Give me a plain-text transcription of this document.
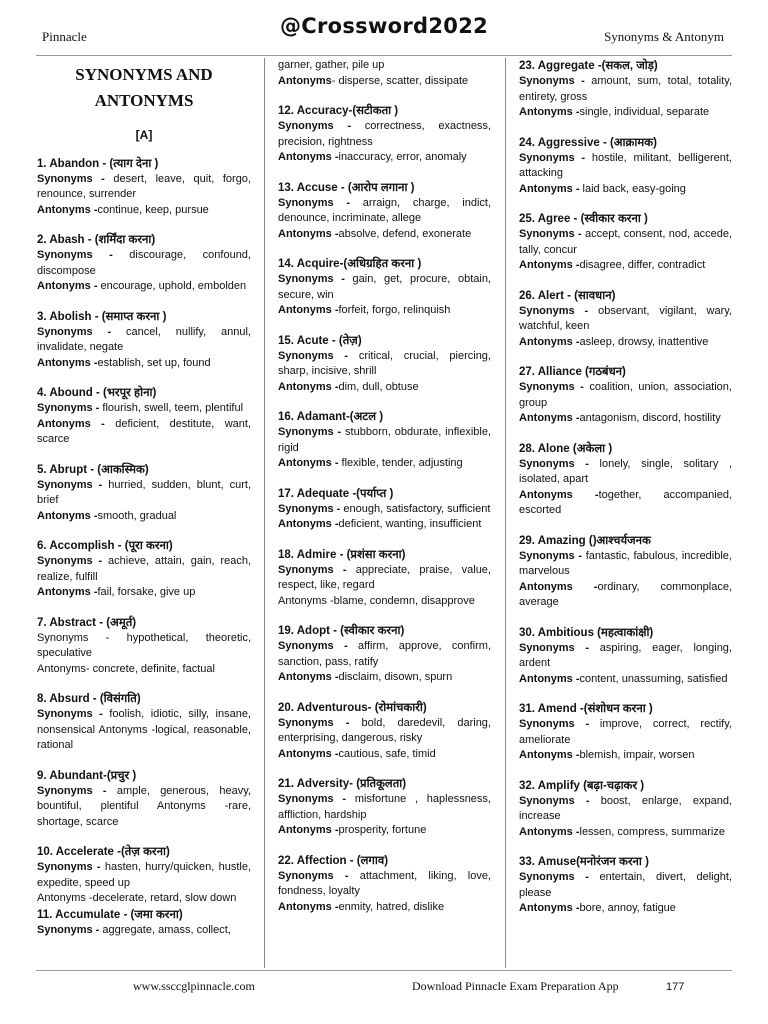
Pinnacle	@Crossword2022	Synonyms & Antonym
SYNONYMS AND
ANTONYMS
[A]
1. Abandon - (त्याग देना )
Synonyms - desert, leave, quit, forgo, renounce, surrender
Antonyms -continue, keep, pursue
2. Abash - (शर्मिंदा करना)
Synonyms - discourage, confound, discompose
Antonyms - encourage, uphold, embolden
3. Abolish - (समाप्त करना )
Synonyms - cancel, nullify, annul, invalidate, negate
Antonyms -establish, set up, found
4. Abound - (भरपूर होना)
Synonyms - flourish, swell, teem, plentiful
Antonyms - deficient, destitute, want, scarce
5. Abrupt - (आकस्मिक)
Synonyms - hurried, sudden, blunt, curt, brief
Antonyms -smooth, gradual
6. Accomplish - (पूरा करना)
Synonyms - achieve, attain, gain, reach, realize, fulfill
Antonyms -fail, forsake, give up
7. Abstract - (अमूर्त)
Synonyms - hypothetical, theoretic, speculative
Antonyms- concrete, definite, factual
8. Absurd - (विसंगति)
Synonyms - foolish, idiotic, silly, insane, nonsensical Antonyms -logical, reasonable, rational
9. Abundant-(प्रचुर )
Synonyms - ample, generous, heavy, bountiful, plentiful Antonyms -rare, shortage, scarce
10. Accelerate -(तेज़ करना)
Synonyms - hasten, hurry/quicken, hustle, expedite, speed up
Antonyms -decelerate, retard, slow down
11. Accumulate - (जमा करना)
Synonyms - aggregate, amass, collect,
garner, gather, pile up
Antonyms- disperse, scatter, dissipate
12. Accuracy-(सटीकता )
Synonyms - correctness, exactness, precision, rightness
Antonyms -inaccuracy, error, anomaly
13. Accuse - (आरोप लगाना )
Synonyms - arraign, charge, indict, denounce, incriminate, allege
Antonyms -absolve, defend, exonerate
14. Acquire-(अधिग्रहित करना )
Synonyms - gain, get, procure, obtain, secure, win
Antonyms -forfeit, forgo, relinquish
15. Acute - (तेज़)
Synonyms - critical, crucial, piercing, sharp, incisive, shrill
Antonyms -dim, dull, obtuse
16. Adamant-(अटल )
Synonyms - stubborn, obdurate, inflexible, rigid
Antonyms - flexible, tender, adjusting
17. Adequate -(पर्याप्त )
Synonyms - enough, satisfactory, sufficient
Antonyms -deficient, wanting, insufficient
18. Admire - (प्रशंसा करना)
Synonyms - appreciate, praise, value, respect, like, regard
Antonyms -blame, condemn, disapprove
19. Adopt - (स्वीकार करना)
Synonyms - affirm, approve, confirm, sanction, pass, ratify
Antonyms -disclaim, disown, spurn
20. Adventurous- (रोमांचकारी)
Synonyms - bold, daredevil, daring, enterprising, dangerous, risky
Antonyms -cautious, safe, timid
21. Adversity- (प्रतिकूलता)
Synonyms - misfortune , haplessness, affliction, hardship
Antonyms -prosperity, fortune
22. Affection - (लगाव)
Synonyms - attachment, liking, love, fondness, loyalty
Antonyms -enmity, hatred, dislike
23. Aggregate -(सकल, जोड़)
Synonyms - amount, sum, total, totality, entirety, gross
Antonyms -single, individual, separate
24. Aggressive - (आक्रामक)
Synonyms - hostile, militant, belligerent, attacking
Antonyms - laid back, easy-going
25. Agree - (स्वीकार करना )
Synonyms - accept, consent, nod, accede, tally, concur
Antonyms -disagree, differ, contradict
26. Alert - (सावधान)
Synonyms - observant, vigilant, wary, watchful, keen
Antonyms -asleep, drowsy, inattentive
27. Alliance (गठबंधन)
Synonyms - coalition, union, association, group
Antonyms -antagonism, discord, hostility
28. Alone (अकेला )
Synonyms - lonely, single, solitary , isolated, apart
Antonyms -together, accompanied, escorted
29. Amazing ()आश्चर्यजनक
Synonyms - fantastic, fabulous, incredible, marvelous
Antonyms -ordinary, commonplace, average
30. Ambitious (महत्वाकांक्षी)
Synonyms - aspiring, eager, longing, ardent
Antonyms -content, unassuming, satisfied
31. Amend -(संशोधन करना )
Synonyms - improve, correct, rectify, ameliorate
Antonyms -blemish, impair, worsen
32. Amplify (बढ़ा-चढ़ाकर )
Synonyms - boost, enlarge, expand, increase
Antonyms -lessen, compress, summarize
33. Amuse(मनोरंजन करना )
Synonyms - entertain, divert, delight, please
Antonyms -bore, annoy, fatigue
www.ssccglpinnacle.com	Download Pinnacle Exam Preparation App	177
